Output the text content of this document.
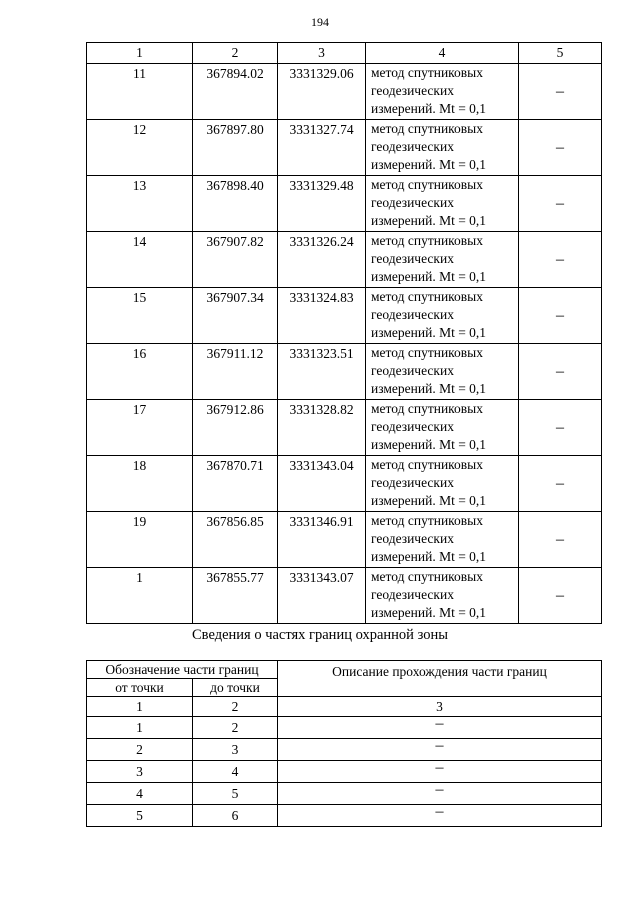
194
1	2	3	4	5
11	367894.02	3331329.06	метод спутниковых
геодезических
измерений. Mt = 0,1	–
12	367897.80	3331327.74	метод спутниковых
геодезических
измерений. Mt = 0,1	–
13	367898.40	3331329.48	метод спутниковых
геодезических
измерений. Mt = 0,1	–
14	367907.82	3331326.24	метод спутниковых
геодезических
измерений. Mt = 0,1	–
15	367907.34	3331324.83	метод спутниковых
геодезических
измерений. Mt = 0,1	–
16	367911.12	3331323.51	метод спутниковых
геодезических
измерений. Mt = 0,1	–
17	367912.86	3331328.82	метод спутниковых
геодезических
измерений. Mt = 0,1	–
18	367870.71	3331343.04	метод спутниковых
геодезических
измерений. Mt = 0,1	–
19	367856.85	3331346.91	метод спутниковых
геодезических
измерений. Mt = 0,1	–
1	367855.77	3331343.07	метод спутниковых
геодезических
измерений. Mt = 0,1	–
Сведения о частях границ охранной зоны
Обозначение части границ		Описание прохождения части границ
от точки	до точки	
1	2	3
1	2	–
2	3	–
3	4	–
4	5	–
5	6	–
